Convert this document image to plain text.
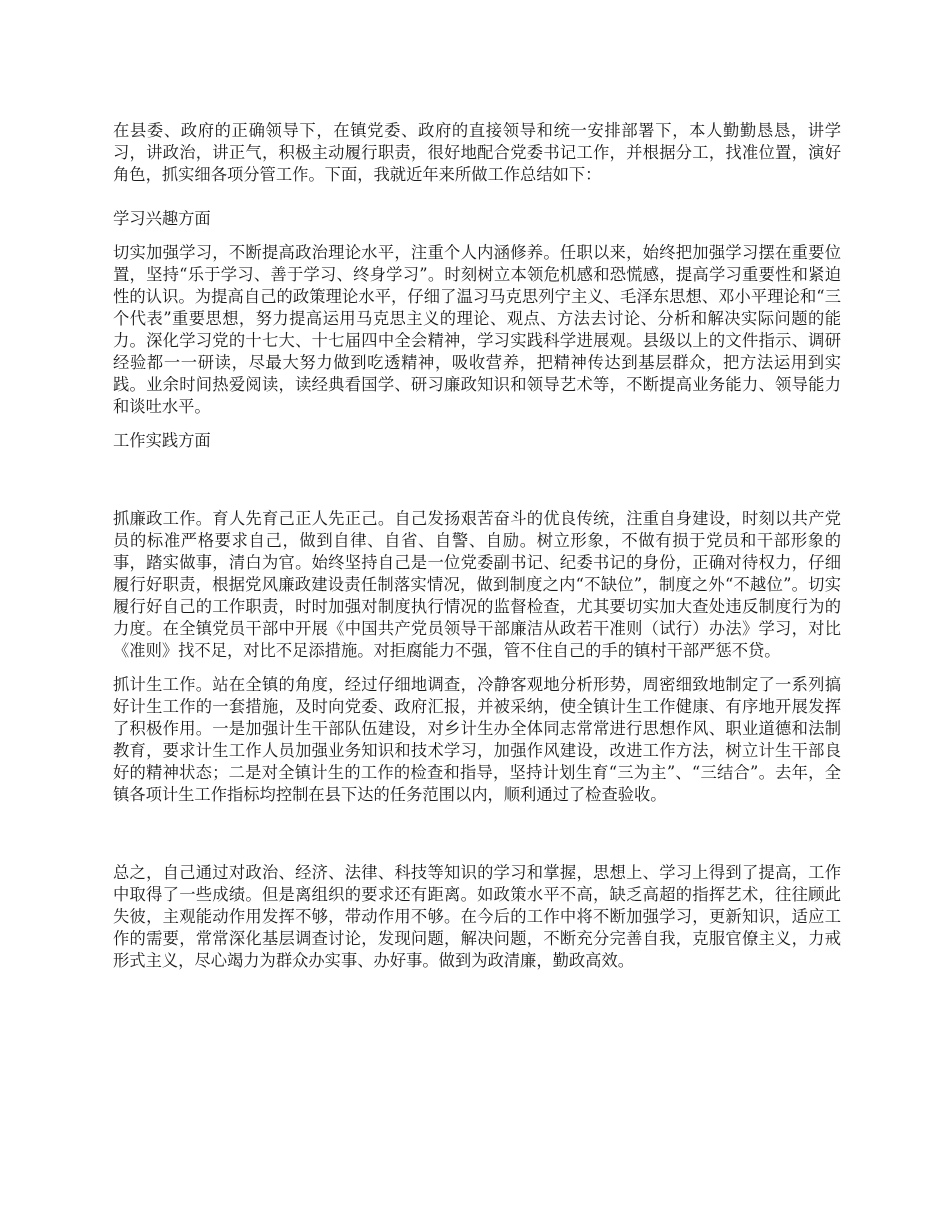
在县委、政府的正确领导下，在镇党委、政府的直接领导和统一安排部署下，本人勤勤恳恳，讲学习，讲政治，讲正气，积极主动履行职责，很好地配合党委书记工作，并根据分工，找准位置，演好角色，抓实细各项分管工作。下面，我就近年来所做工作总结如下：

学习兴趣方面

切实加强学习，不断提高政治理论水平，注重个人内涵修养。任职以来，始终把加强学习摆在重要位置，坚持“乐于学习、善于学习、终身学习”。时刻树立本领危机感和恐慌感，提高学习重要性和紧迫性的认识。为提高自己的政策理论水平，仔细了温习马克思列宁主义、毛泽东思想、邓小平理论和“三个代表”重要思想，努力提高运用马克思主义的理论、观点、方法去讨论、分析和解决实际问题的能力。深化学习党的十七大、十七届四中全会精神，学习实践科学进展观。县级以上的文件指示、调研经验都一一研读，尽最大努力做到吃透精神，吸收营养，把精神传达到基层群众，把方法运用到实践。业余时间热爱阅读，读经典看国学、研习廉政知识和领导艺术等，不断提高业务能力、领导能力和谈吐水平。

工作实践方面

抓廉政工作。育人先育己正人先正己。自己发扬艰苦奋斗的优良传统，注重自身建设，时刻以共产党员的标准严格要求自己，做到自律、自省、自警、自励。树立形象，不做有损于党员和干部形象的事，踏实做事，清白为官。始终坚持自己是一位党委副书记、纪委书记的身份，正确对待权力，仔细履行好职责，根据党风廉政建设责任制落实情况，做到制度之内“不缺位”，制度之外“不越位”。切实履行好自己的工作职责，时时加强对制度执行情况的监督检查，尤其要切实加大查处违反制度行为的力度。在全镇党员干部中开展《中国共产党员领导干部廉洁从政若干准则（试行）办法》学习，对比《准则》找不足，对比不足添措施。对拒腐能力不强，管不住自己的手的镇村干部严惩不贷。

抓计生工作。站在全镇的角度，经过仔细地调查，冷静客观地分析形势，周密细致地制定了一系列搞好计生工作的一套措施，及时向党委、政府汇报，并被采纳，使全镇计生工作健康、有序地开展发挥了积极作用。一是加强计生干部队伍建设，对乡计生办全体同志常常进行思想作风、职业道德和法制教育，要求计生工作人员加强业务知识和技术学习，加强作风建设，改进工作方法，树立计生干部良好的精神状态；二是对全镇计生的工作的检查和指导，坚持计划生育“三为主”、“三结合”。去年，全镇各项计生工作指标均控制在县下达的任务范围以内，顺利通过了检查验收。

总之，自己通过对政治、经济、法律、科技等知识的学习和掌握，思想上、学习上得到了提高，工作中取得了一些成绩。但是离组织的要求还有距离。如政策水平不高，缺乏高超的指挥艺术，往往顾此失彼，主观能动作用发挥不够，带动作用不够。在今后的工作中将不断加强学习，更新知识，适应工作的需要，常常深化基层调查讨论，发现问题，解决问题，不断充分完善自我，克服官僚主义，力戒形式主义，尽心竭力为群众办实事、办好事。做到为政清廉，勤政高效。
